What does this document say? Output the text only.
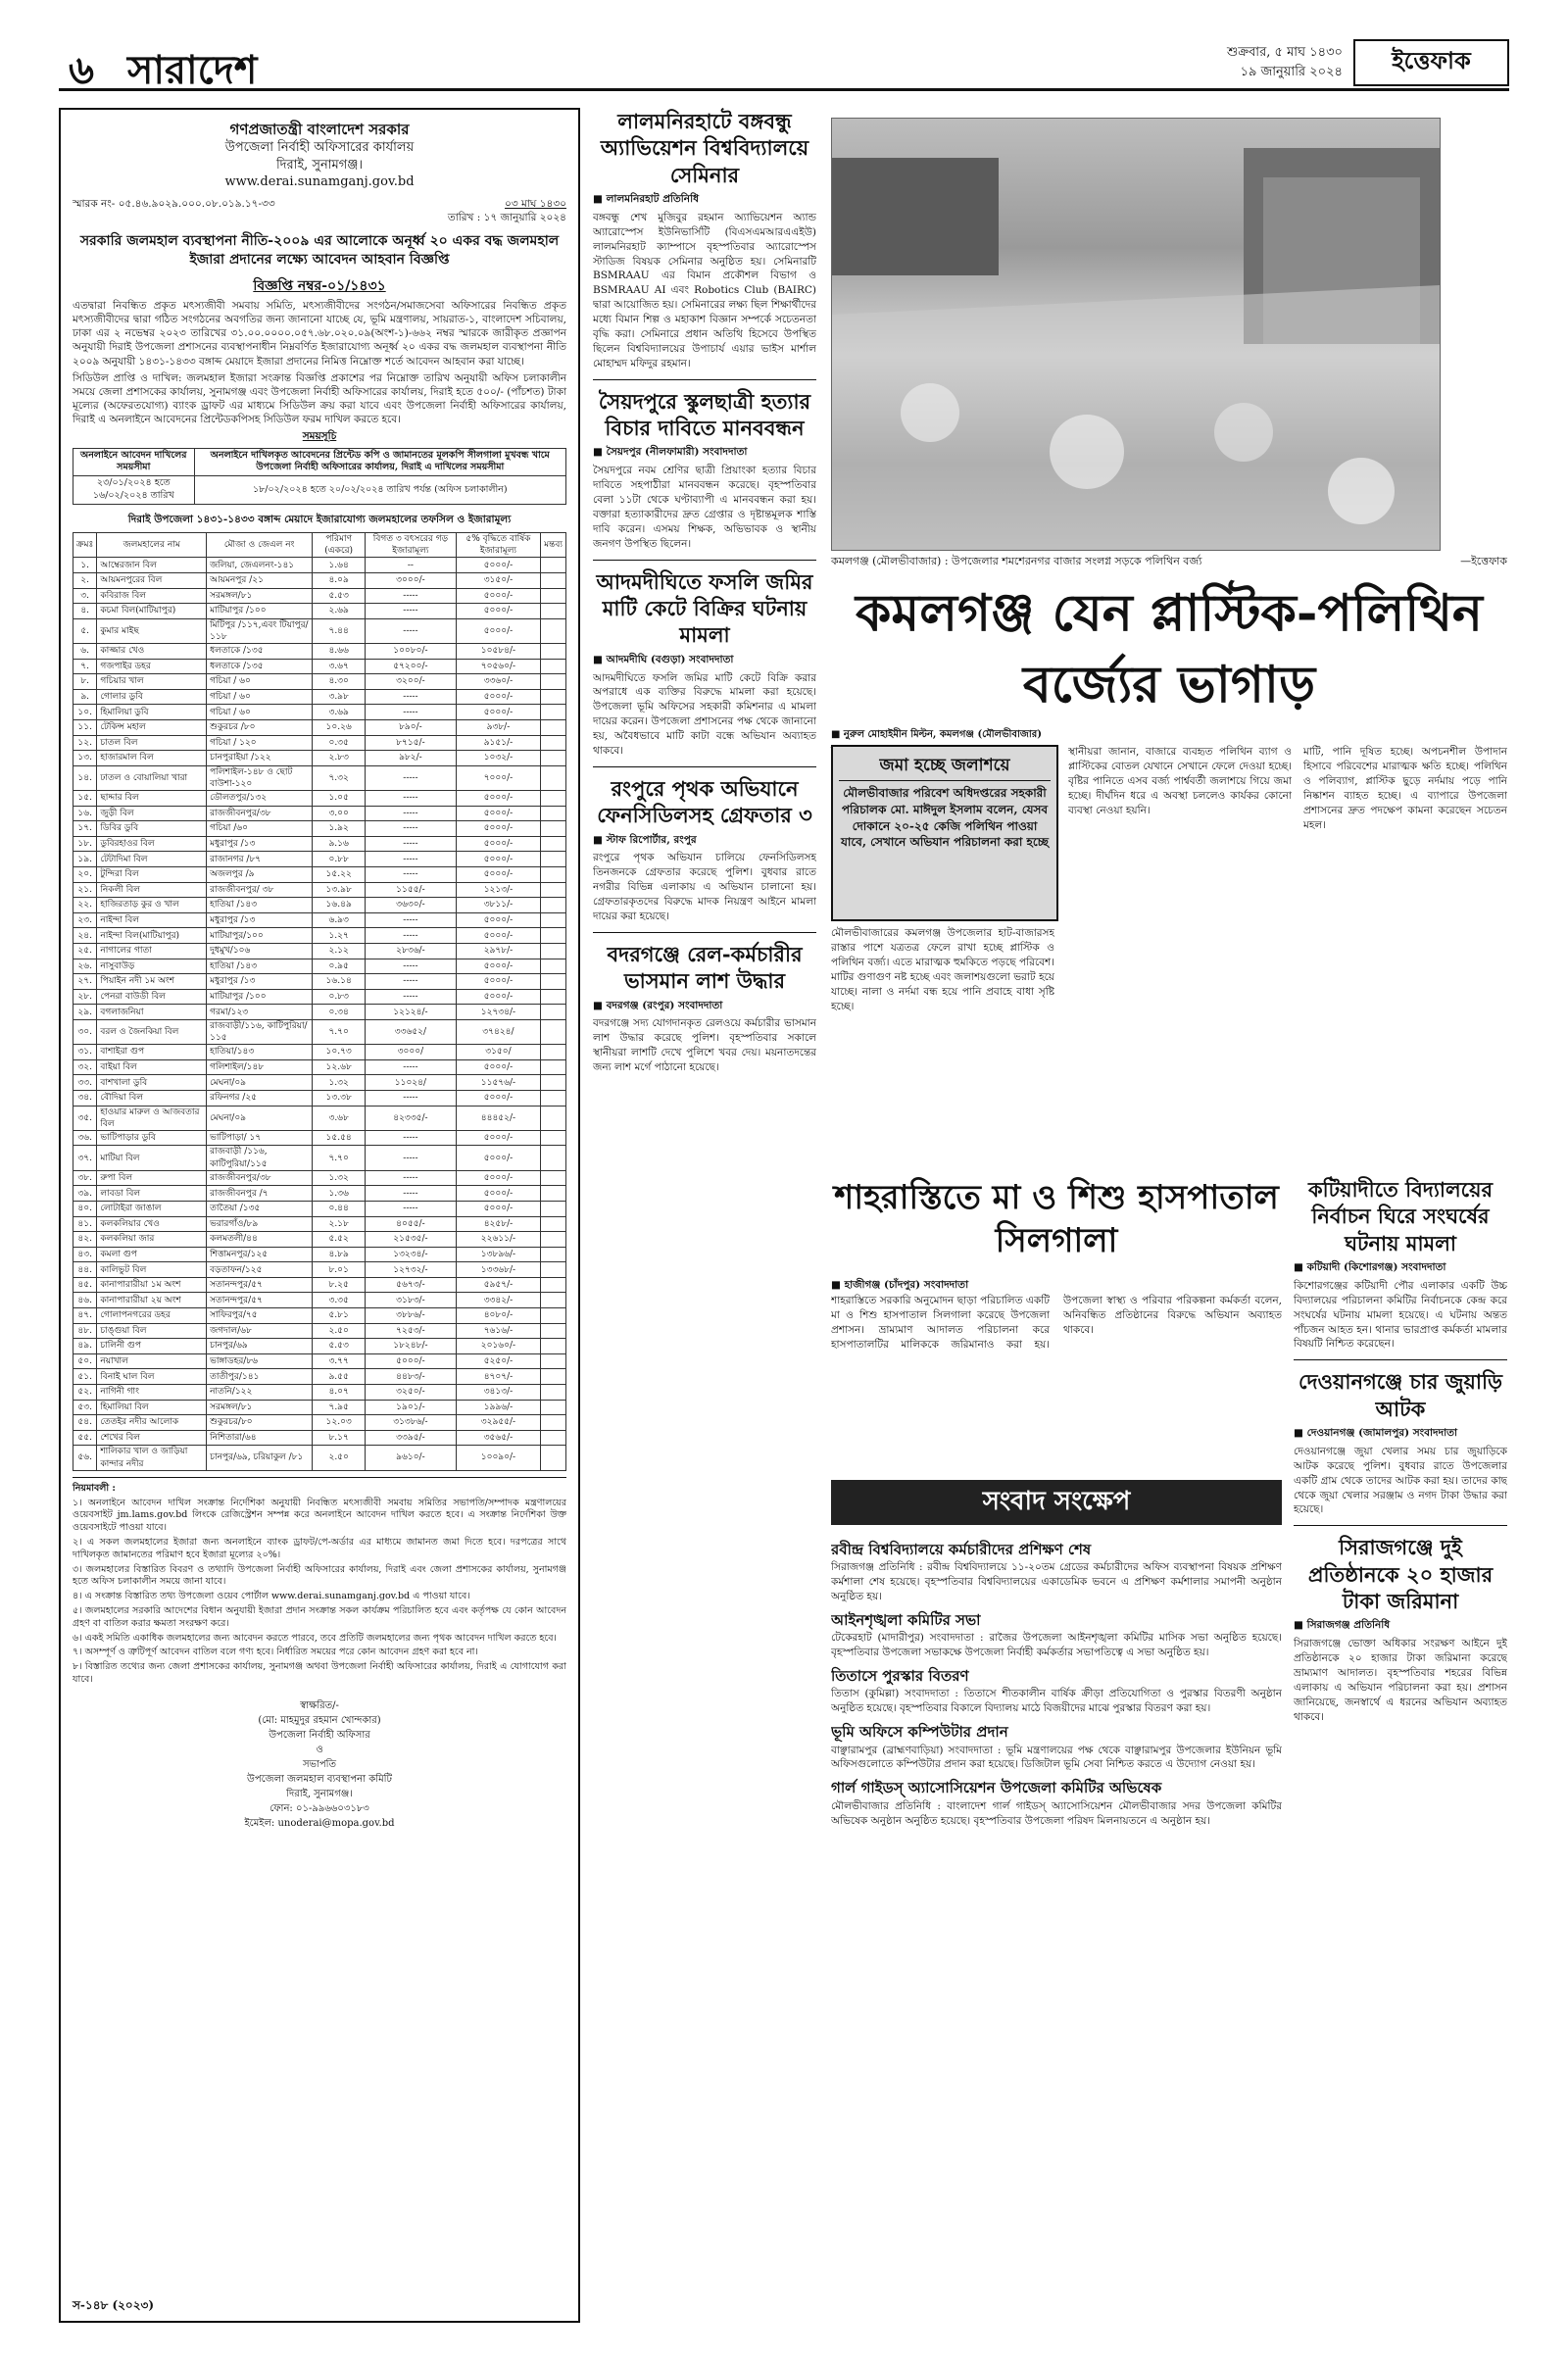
৬ সারাদেশ	শুক্রবার, ৫ মাঘ ১৪৩০
১৯ জানুয়ারি ২০২৪	ইত্তেফাক
গণপ্রজাতন্ত্রী বাংলাদেশ সরকার
উপজেলা নির্বাহী অফিসারের কার্যালয়
দিরাই, সুনামগঞ্জ।
www.derai.sunamganj.gov.bd
স্মারক নং- ০৫.৪৬.৯০২৯.০০০.০৮.০১৯.১৭-৩৩	০৩ মাঘ ১৪৩০
তারিখ : ১৭ জানুয়ারি ২০২৪
সরকারি জলমহাল ব্যবস্থাপনা নীতি-২০০৯ এর আলোকে অনূর্ধ্ব ২০ একর বদ্ধ জলমহাল ইজারা প্রদানের লক্ষ্যে আবেদন আহবান বিজ্ঞপ্তি
বিজ্ঞপ্তি নম্বর-০১/১৪৩১

এতদ্বারা নিবন্ধিত প্রকৃত মৎস্যজীবী সমবায় সমিতি, মৎস্যজীবীদের সংগঠন/সমাজসেবা অফিসারের নিবন্ধিত প্রকৃত মৎস্যজীবীদের দ্বারা গঠিত সংগঠনের অবগতির জন্য জানানো যাচ্ছে যে, ভূমি মন্ত্রণালয়, সায়রাত-১, বাংলাদেশ সচিবালয়, ঢাকা এর ২ নভেম্বর ২০২৩ তারিখের ৩১.০০.০০০০.০৫৭.৬৮.০২০.০৯(অংশ-১)-৬৬২ নম্বর স্মারকে জারীকৃত প্রজ্ঞাপন অনুযায়ী দিরাই উপজেলা প্রশাসনের ব্যবস্থাপনাধীন নিম্নবর্ণিত ইজারাযোগ্য অনূর্ধ্ব ২০ একর বদ্ধ জলমহাল ব্যবস্থাপনা নীতি ২০০৯ অনুযায়ী ১৪৩১-১৪৩৩ বঙ্গাব্দ মেয়াদে ইজারা প্রদানের নিমিত্ত নিম্নোক্ত শর্তে আবেদন আহবান করা যাচ্ছে।

সিডিউল প্রাপ্তি ও দাখিল: জলমহাল ইজারা সংক্রান্ত বিজ্ঞপ্তি প্রকাশের পর নিম্নোক্ত তারিখ অনুযায়ী অফিস চলাকালীন সময়ে জেলা প্রশাসকের কার্যালয়, সুনামগঞ্জ এবং উপজেলা নির্বাহী অফিসারের কার্যালয়, দিরাই হতে ৫০০/- (পাঁচশত) টাকা মূল্যের (অফেরতযোগ্য) ব্যাংক ড্রাফট এর মাধ্যমে সিডিউল ক্রয় করা যাবে এবং উপজেলা নির্বাহী অফিসারের কার্যালয়, দিরাই এ অনলাইনে আবেদনের প্রিন্টেডকপিসহ সিডিউল ফরম দাখিল করতে হবে।

সময়সূচি
অনলাইনে আবেদন দাখিলের সময়সীমা	অনলাইনে দাখিলকৃত আবেদনের প্রিন্টেড কপি ও জামানতের মূলকপি সীলগালা মুখবন্ধ খামে উপজেলা নির্বাহী অফিসারের কার্যালয়, দিরাই এ দাখিলের সময়সীমা
২৩/০১/২০২৪ হতে ১৬/০২/২০২৪ তারিখ	১৮/০২/২০২৪ হতে ২০/০২/২০২৪ তারিখ পর্যন্ত (অফিস চলাকালীন)
দিরাই উপজেলা ১৪৩১-১৪৩৩ বঙ্গাব্দ মেয়াদে ইজারাযোগ্য জলমহালের তফসিল ও ইজারামূল্য
ক্রমঃ	জলমহালের নাম	মৌজা ও জেএল নং	পরিমাণ (একরে)	বিগত ৩ বৎসরের গড় ইজারামূল্য	৫% বৃদ্ধিতে বার্ষিক ইজারামূল্য	মন্তব্য
১.	আম্বেরজান বিল	জলিয়া, জেএলনং-১৪১	১.৬৪	--	৫০০০/-	
২.	আয়মনপুরের বিল	আয়মনপুর /২১	৪.০৯	৩০০০/-	৩১৫০/-	
৩.	কবিরাজ বিল	সরমঙ্গল/৮১	৫.৫৩	-----	৫০০০/-	
৪.	কচমা বিল(মাটিয়াপুর)	মাটিয়াপুর /১০০	২.৬৯	-----	৫০০০/-	
৫.	কুমার মাইছ	মিটিপুর /১১৭,এবং টিয়াপুর/১১৮	৭.৪৪	-----	৫০০০/-	
৬.	কাজ্জার খেও	ধলতাকে /১৩৫	৪.৬৬	১০০৮০/-	১০৫৮৪/-	
৭.	গজপাইর ডহর	ধলতাকে /১৩৫	৩.৬৭	৫৭২০০/-	৭০৫৬০/-	
৮.	গচিয়ার খাল	গচিয়া / ৬০	৪.৩০	৩২০০/-	৩৩৬০/-	
৯.	গোলার ডুবি	গচিয়া / ৬০	৩.৯৮	-----	৫০০০/-	
১০.	হিমালিয়া ডুবি	গচিয়া / ৬০	৩.৬৯	-----	৫০০০/-	
১১.	টেকিন্স মহাল	শুকুরচর /৮০	১০.২৬	৮৯০/-	৯৩৮/-	
১২.	চাতল বিল	গচিয়া / ১২০	০.৩৫	৮৭১৫/-	৯১৫১/-	
১৩.	হাজারমাল বিল	চানপুরাইয়া /১২২	২.৮৩	৯৮২/-	১০৩২/-	
১৪.	ঢাতল ও বোয়ালিয়া খারা	পলিশাইল-১৪৮ ও ছোট বাউশা-১২০	৭.৩২	-----	৭০০০/-	
১৫.	ছাদ্দার বিল	ডৌলতপুর/১৩২	১.০৫	-----	৫০০০/-	
১৬.	জুড়ী বিল	রাজজীবনপুর/৩৮	৩.০০	-----	৫০০০/-	
১৭.	ডিবির ডুবি	গচিয়া /৬০	১.৯২	-----	৫০০০/-	
১৮.	ডুবিরহাওর বিল	মধুরাপুর /১৩	৯.১৬	-----	৫০০০/-	
১৯.	টেটাদিমা বিল	রাজানগর /৮৭	০.৮৮	-----	৫০০০/-	
২০.	টুন্দিরা বিল	অজলপুর /৯	১৫.২২	-----	৫০০০/-	
২১.	নিকলী বিল	রাজজীবনপুর/ ৩৮	১৩.৯৮	১১৫৫/-	১২১৩/-	
২২.	হাজিরতাড় কুর ও খাল	হাতিয়া /১৪৩	১৬.৪৯	৩৬৩০/-	৩৮১১/-	
২৩.	নাইন্দা বিল	মধুরাপুর /১৩	৬.৯৩	-----	৫০০০/-	
২৪.	নাইন্দা বিল(মাটিয়াপুর)	মাটিয়াপুর/১০০	১.২৭	-----	৫০০০/-	
২৫.	নাগালের গাতা	দুধমুখ/১০৬	২.১২	২৮৩৬/-	২৯৭৮/-	
২৬.	নাসুবাউড়	হাতিয়া /১৪৩	০.৯৫	-----	৫০০০/-	
২৭.	পিয়াইন নদী ১ম অংশ	মধুরাপুর /১৩	১৬.১৪	-----	৫০০০/-	
২৮.	পেনরা বাউডী বিল	মাটিয়াপুর /১০০	০.৮৩	-----	৫০০০/-	
২৯.	বগলাজনিয়া	গরমা/১২৩	০.৩৪	১২১২৪/-	১২৭৩৪/-	
৩০.	বরল ও জৈনকিয়া বিল	রাজবাড়ী/১১৬, কাটিপুরিয়া/১১৫	৭.৭০	৩৩৬৫২/	৩৭৪২৪/	
৩১.	বাশাইরা গুপ	হাতিয়া/১৪৩	১০.৭৩	৩০০০/	৩১৫০/	
৩২.	বাইয়া বিল	গলিশাইল/১৪৮	১২.৬৮	-----	৫০০০/-	
৩৩.	বাশখালা ডুবি	মেঘনা/০৯	১.৩২	১১০২৪/	১১৫৭৬/-	
৩৪.	বৌদিয়া বিল	রফিনগর /২৫	১৩.৩৮	-----	৫০০০/-	
৩৫.	হাওয়ার মারুল ও আজবতার বিল	মেঘনা/০৯	৩.৬৮	৪২৩৩৫/-	৪৪৪৫২/-	
৩৬.	ভাটিপাড়ার ডুবি	ভাটিপাড়া/ ১৭	১৫.৫৪	-----	৫০০০/-	
৩৭.	মাটিয়া বিল	রাজবাড়ী /১১৬, কাটিপুরিয়া/১১৫	৭.৭০	-----	৫০০০/-	
৩৮.	রুপা বিল	রাজজীবনপুর/৩৮	১.৩২	-----	৫০০০/-	
৩৯.	লাবডা বিল	রাজজীবনপুর /৭	১.৩৬	-----	৫০০০/-	
৪০.	লোটাইরা জাঙাল	তাতৈয়া /১৩৫	০.৪৪	-----	৫০০০/-	
৪১.	কলকলিয়ার খেও	ভরারগাঁও/৮৯	২.১৮	৪০৫৫/-	৪২৫৮/-	
৪২.	কলকলিয়া জার	কলমতলী/৪৪	৫.৫২	২১৫৩৫/-	২২৬১১/-	
৪৩.	কমলা গুপ	শিত্তামনপুর/১২৫	৪.৮৯	১৩২৩৪/-	১৩৮৯৬/-	
৪৪.	কালিভুট বিল	বড়তাফন/১২৫	৮.০১	১২৭৩২/-	১৩৩৬৮/-	
৪৫.	কানাপারারীয়া ১ম অংশ	সতানন্দপুর/৫৭	৮.২৫	৫৬৭৩/-	৫৯৫৭/-	
৪৬.	কানাপারারীয়া ২য় অংশ	সতানন্দপুর/৫৭	৩.৩৫	৩১৮৩/-	৩৩৪২/-	
৪৭.	গোলাপনগরের ডহর	সাফিরপুর/৭৫	৫.৮১	৩৮৮৬/-	৪০৮০/-	
৪৮.	চাঙ্গুয়া বিল	জগদাল/৬৮	২.৫০	৭২৫৩/-	৭৬১৬/-	
৪৯.	চালিনী গুপ	চানপুর/৬৯	৫.৫৩	১৮২৪৮/-	২০১৬০/-	
৫০.	নয়াখাল	ভাঙ্গাডহর/৮৬	৩.৭৭	৫০০০/-	৫২৫০/-	
৫১.	বিনাই ঘাল বিল	তাতীপুর/১৪১	৯.৫৫	৪৪৮৩/-	৪৭০৭/-	
৫২.	নাগিনী গাং	নাতনি/১২২	৪.০৭	৩২৫০/-	৩৪১৩/-	
৫৩.	হিমালিয়া বিল	সরমঙ্গল/৮১	৭.৯৫	১৯০১/-	১৯৯৬/-	
৫৪.	তেতইর নদীর আলোক	শুকুরচর/৮০	১২.০৩	৩১৩৮৬/-	৩২৯৫৫/-	
৫৫.	শেখের বিল	নিশিতারা/৬৪	৮.১৭	৩৩৯৫/-	৩৫৬৫/-	
৫৬.	শালিকার খাল ও জাড়িয়া কান্দার নদীর	চানপুর/৬৯, চরিয়াকুল /৮১	২.৫০	৯৬১০/-	১০০৯০/-	
নিয়মাবলী :
১। অনলাইনে আবেদন দাখিল সংক্রান্ত নির্দেশিকা অনুযায়ী নিবন্ধিত মৎস্যজীবী সমবায় সমিতির সভাপতি/সম্পাদক মন্ত্রণালয়ের ওয়েবসাইট jm.lams.gov.bd লিংকে রেজিস্ট্রেশন সম্পন্ন করে অনলাইনে আবেদন দাখিল করতে হবে। এ সংক্রান্ত নির্দেশিকা উক্ত ওয়েবসাইটে পাওয়া যাবে।
২। এ সকল জলমহালের ইজারা জন্য অনলাইনে ব্যাংক ড্রাফট/পে-অর্ডার এর মাধ্যমে জামানত জমা দিতে হবে। দরপত্রের সাথে দাখিলকৃত জামানতের পরিমাণ হবে ইজারা মূল্যের ২০%।
৩। জলমহালের বিস্তারিত বিবরণ ও তথ্যাদি উপজেলা নির্বাহী অফিসারের কার্যালয়, দিরাই এবং জেলা প্রশাসকের কার্যালয়, সুনামগঞ্জ হতে অফিস চলাকালীন সময়ে জানা যাবে।
৪। এ সংক্রান্ত বিস্তারিত তথ্য উপজেলা ওয়েব পোর্টাল www.derai.sunamganj.gov.bd এ পাওয়া যাবে।
৫। জলমহালের সরকারি আদেশের বিধান অনুযায়ী ইজারা প্রদান সংক্রান্ত সকল কার্যক্রম পরিচালিত হবে এবং কর্তৃপক্ষ যে কোন আবেদন গ্রহণ বা বাতিল করার ক্ষমতা সংরক্ষণ করে।
৬। একই সমিতি একাধিক জলমহালের জন্য আবেদন করতে পারবে, তবে প্রতিটি জলমহালের জন্য পৃথক আবেদন দাখিল করতে হবে।
৭। অসম্পূর্ণ ও ত্রুটিপূর্ণ আবেদন বাতিল বলে গণ্য হবে। নির্ধারিত সময়ের পরে কোন আবেদন গ্রহণ করা হবে না।
৮। বিস্তারিত তথ্যের জন্য জেলা প্রশাসকের কার্যালয়, সুনামগঞ্জ অথবা উপজেলা নির্বাহী অফিসারের কার্যালয়, দিরাই এ যোগাযোগ করা যাবে।
স্বাক্ষরিত/-
(মো: মাহমুদুর রহমান খোন্দকার)
উপজেলা নির্বাহী অফিসার
ও
সভাপতি
উপজেলা জলমহাল ব্যবস্থাপনা কমিটি
দিরাই, সুনামগঞ্জ।
ফোন: ০১-৯৯৬৬০৩১৮৩
ইমেইল: unoderai@mopa.gov.bd
স-১৪৮ (২০২৩)
লালমনিরহাটে বঙ্গবন্ধু অ্যাভিয়েশন বিশ্ববিদ্যালয়ে সেমিনার
■ লালমনিরহাট প্রতিনিধি
বঙ্গবন্ধু শেখ মুজিবুর রহমান অ্যাভিয়েশন অ্যান্ড অ্যারোস্পেস ইউনিভার্সিটি (বিএসএমআরএএইউ) লালমনিরহাট ক্যাম্পাসে বৃহস্পতিবার অ্যারোস্পেস স্টাডিজ বিষয়ক সেমিনার অনুষ্ঠিত হয়। সেমিনারটি BSMRAAU এর বিমান প্রকৌশল বিভাগ ও BSMRAAU AI এবং Robotics Club (BAIRC) দ্বারা আয়োজিত হয়। সেমিনারের লক্ষ্য ছিল শিক্ষার্থীদের মধ্যে বিমান শিল্প ও মহাকাশ বিজ্ঞান সম্পর্কে সচেতনতা বৃদ্ধি করা। সেমিনারে প্রধান অতিথি হিসেবে উপস্থিত ছিলেন বিশ্ববিদ্যালয়ের উপাচার্য এয়ার ভাইস মার্শাল মোহাম্মদ মফিদুর রহমান।
সৈয়দপুরে স্কুলছাত্রী হত্যার বিচার দাবিতে মানববন্ধন
■ সৈয়দপুর (নীলফামারী) সংবাদদাতা
সৈয়দপুরে নবম শ্রেণির ছাত্রী প্রিয়াংকা হত্যার বিচার দাবিতে সহপাঠীরা মানববন্ধন করেছে। বৃহস্পতিবার বেলা ১১টা থেকে ঘণ্টাব্যাপী এ মানববন্ধন করা হয়। বক্তারা হত্যাকারীদের দ্রুত গ্রেপ্তার ও দৃষ্টান্তমূলক শাস্তি দাবি করেন। এসময় শিক্ষক, অভিভাবক ও স্থানীয় জনগণ উপস্থিত ছিলেন।
আদমদীঘিতে ফসলি জমির মাটি কেটে বিক্রির ঘটনায় মামলা
■ আদমদীঘি (বগুড়া) সংবাদদাতা
আদমদীঘিতে ফসলি জমির মাটি কেটে বিক্রি করার অপরাধে এক ব্যক্তির বিরুদ্ধে মামলা করা হয়েছে। উপজেলা ভূমি অফিসের সহকারী কমিশনার এ মামলা দায়ের করেন। উপজেলা প্রশাসনের পক্ষ থেকে জানানো হয়, অবৈধভাবে মাটি কাটা বন্ধে অভিযান অব্যাহত থাকবে।
রংপুরে পৃথক অভিযানে ফেনসিডিলসহ গ্রেফতার ৩
■ স্টাফ রিপোর্টার, রংপুর
রংপুরে পৃথক অভিযান চালিয়ে ফেনসিডিলসহ তিনজনকে গ্রেফতার করেছে পুলিশ। বুধবার রাতে নগরীর বিভিন্ন এলাকায় এ অভিযান চালানো হয়। গ্রেফতারকৃতদের বিরুদ্ধে মাদক নিয়ন্ত্রণ আইনে মামলা দায়ের করা হয়েছে।
বদরগঞ্জে রেল-কর্মচারীর ভাসমান লাশ উদ্ধার
■ বদরগঞ্জ (রংপুর) সংবাদদাতা
বদরগঞ্জে সদ্য যোগদানকৃত রেলওয়ে কর্মচারীর ভাসমান লাশ উদ্ধার করেছে পুলিশ। বৃহস্পতিবার সকালে স্থানীয়রা লাশটি দেখে পুলিশে খবর দেয়। ময়নাতদন্তের জন্য লাশ মর্গে পাঠানো হয়েছে।
কমলগঞ্জ (মৌলভীবাজার) : উপজেলার শমশেরনগর বাজার সংলগ্ন সড়কে পলিথিন বর্জ্য	—ইত্তেফাক
কমলগঞ্জ যেন প্লাস্টিক-পলিথিন বর্জ্যের ভাগাড়
■ নুরুল মোহাইমীন মিল্টন, কমলগঞ্জ (মৌলভীবাজার)
জমা হচ্ছে জলাশয়ে
মৌলভীবাজার পরিবেশ অধিদপ্তরের সহকারী পরিচালক মো. মাঈদুল ইসলাম বলেন, যেসব দোকানে ২০-২৫ কেজি পলিথিন পাওয়া যাবে, সেখানে অভিযান পরিচালনা করা হচ্ছে
মৌলভীবাজারের কমলগঞ্জ উপজেলার হাট-বাজারসহ রাস্তার পাশে যত্রতত্র ফেলে রাখা হচ্ছে প্লাস্টিক ও পলিথিন বর্জ্য। এতে মারাত্মক হুমকিতে পড়ছে পরিবেশ। মাটির গুণাগুণ নষ্ট হচ্ছে এবং জলাশয়গুলো ভরাট হয়ে যাচ্ছে। নালা ও নর্দমা বন্ধ হয়ে পানি প্রবাহে বাধা সৃষ্টি হচ্ছে।
স্থানীয়রা জানান, বাজারে ব্যবহৃত পলিথিন ব্যাগ ও প্লাস্টিকের বোতল যেখানে সেখানে ফেলে দেওয়া হচ্ছে। বৃষ্টির পানিতে এসব বর্জ্য পার্শ্ববর্তী জলাশয়ে গিয়ে জমা হচ্ছে। দীর্ঘদিন ধরে এ অবস্থা চললেও কার্যকর কোনো ব্যবস্থা নেওয়া হয়নি।
মাটি, পানি দূষিত হচ্ছে। অপচনশীল উপাদান হিসাবে পরিবেশের মারাত্মক ক্ষতি হচ্ছে। পলিথিন ও পলিব্যাগ, প্লাস্টিক ছুড়ে নর্দমায় পড়ে পানি নিষ্কাশন ব্যাহত হচ্ছে। এ ব্যাপারে উপজেলা প্রশাসনের দ্রুত পদক্ষেপ কামনা করেছেন সচেতন মহল।
শাহরাস্তিতে মা ও শিশু হাসপাতাল সিলগালা
■ হাজীগঞ্জ (চাঁদপুর) সংবাদদাতা
শাহরাস্তিতে সরকারি অনুমোদন ছাড়া পরিচালিত একটি মা ও শিশু হাসপাতাল সিলগালা করেছে উপজেলা প্রশাসন। ভ্রাম্যমাণ আদালত পরিচালনা করে হাসপাতালটির মালিককে জরিমানাও করা হয়। উপজেলা স্বাস্থ্য ও পরিবার পরিকল্পনা কর্মকর্তা বলেন, অনিবন্ধিত প্রতিষ্ঠানের বিরুদ্ধে অভিযান অব্যাহত থাকবে।
সংবাদ সংক্ষেপ
রবীন্দ্র বিশ্ববিদ্যালয়ে কর্মচারীদের প্রশিক্ষণ শেষ
সিরাজগঞ্জ প্রতিনিধি : রবীন্দ্র বিশ্ববিদ্যালয়ে ১১-২০তম গ্রেডের কর্মচারীদের অফিস ব্যবস্থাপনা বিষয়ক প্রশিক্ষণ কর্মশালা শেষ হয়েছে। বৃহস্পতিবার বিশ্ববিদ্যালয়ের একাডেমিক ভবনে এ প্রশিক্ষণ কর্মশালার সমাপনী অনুষ্ঠান অনুষ্ঠিত হয়।
আইনশৃঙ্খলা কমিটির সভা
টেকেরহাট (মাদারীপুর) সংবাদদাতা : রাজৈর উপজেলা আইনশৃঙ্খলা কমিটির মাসিক সভা অনুষ্ঠিত হয়েছে। বৃহস্পতিবার উপজেলা সভাকক্ষে উপজেলা নির্বাহী কর্মকর্তার সভাপতিত্বে এ সভা অনুষ্ঠিত হয়।
তিতাসে পুরস্কার বিতরণ
তিতাস (কুমিল্লা) সংবাদদাতা : তিতাসে শীতকালীন বার্ষিক ক্রীড়া প্রতিযোগিতা ও পুরস্কার বিতরণী অনুষ্ঠান অনুষ্ঠিত হয়েছে। বৃহস্পতিবার বিকালে বিদ্যালয় মাঠে বিজয়ীদের মাঝে পুরস্কার বিতরণ করা হয়।
ভূমি অফিসে কম্পিউটার প্রদান
বাঞ্ছারামপুর (ব্রাহ্মণবাড়িয়া) সংবাদদাতা : ভূমি মন্ত্রণালয়ের পক্ষ থেকে বাঞ্ছারামপুর উপজেলার ইউনিয়ন ভূমি অফিসগুলোতে কম্পিউটার প্রদান করা হয়েছে। ডিজিটাল ভূমি সেবা নিশ্চিত করতে এ উদ্যোগ নেওয়া হয়।
গার্ল গাইডস্ অ্যাসোসিয়েশন উপজেলা কমিটির অভিষেক
মৌলভীবাজার প্রতিনিধি : বাংলাদেশ গার্ল গাইডস্ অ্যাসোসিয়েশন মৌলভীবাজার সদর উপজেলা কমিটির অভিষেক অনুষ্ঠান অনুষ্ঠিত হয়েছে। বৃহস্পতিবার উপজেলা পরিষদ মিলনায়তনে এ অনুষ্ঠান হয়।
কটিয়াদীতে বিদ্যালয়ের নির্বাচন ঘিরে সংঘর্ষের ঘটনায় মামলা
■ কটিয়াদী (কিশোরগঞ্জ) সংবাদদাতা
কিশোরগঞ্জের কটিয়াদী পৌর এলাকার একটি উচ্চ বিদ্যালয়ের পরিচালনা কমিটির নির্বাচনকে কেন্দ্র করে সংঘর্ষের ঘটনায় মামলা হয়েছে। এ ঘটনায় অন্তত পাঁচজন আহত হন। থানার ভারপ্রাপ্ত কর্মকর্তা মামলার বিষয়টি নিশ্চিত করেছেন।
দেওয়ানগঞ্জে চার জুয়াড়ি আটক
■ দেওয়ানগঞ্জ (জামালপুর) সংবাদদাতা
দেওয়ানগঞ্জে জুয়া খেলার সময় চার জুয়াড়িকে আটক করেছে পুলিশ। বুধবার রাতে উপজেলার একটি গ্রাম থেকে তাদের আটক করা হয়। তাদের কাছ থেকে জুয়া খেলার সরঞ্জাম ও নগদ টাকা উদ্ধার করা হয়েছে।
সিরাজগঞ্জে দুই প্রতিষ্ঠানকে ২০ হাজার টাকা জরিমানা
■ সিরাজগঞ্জ প্রতিনিধি
সিরাজগঞ্জে ভোক্তা অধিকার সংরক্ষণ আইনে দুই প্রতিষ্ঠানকে ২০ হাজার টাকা জরিমানা করেছে ভ্রাম্যমাণ আদালত। বৃহস্পতিবার শহরের বিভিন্ন এলাকায় এ অভিযান পরিচালনা করা হয়। প্রশাসন জানিয়েছে, জনস্বার্থে এ ধরনের অভিযান অব্যাহত থাকবে।
